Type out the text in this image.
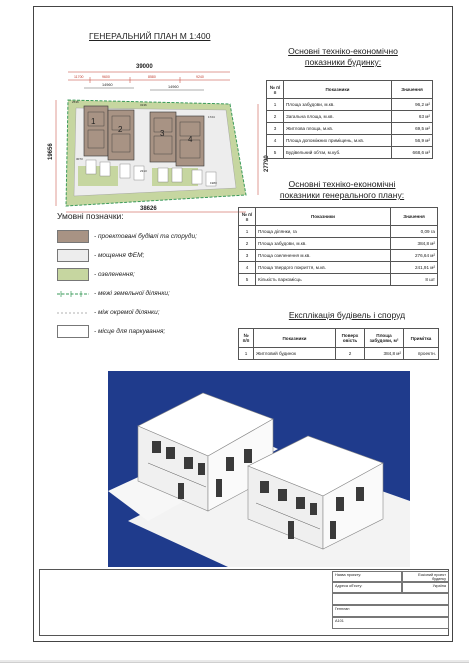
ГЕНЕРАЛЬНИЙ ПЛАН М 1:400
39000
11700	9600	8580	9240
14960	14960
19656
27790
38626
2536
3136
3073
1724
2313
1983
1
2	3
4
Основні техніко-економічно
показники будинку:
№ п/п	Показники	Значення
1	Площа забудови, м.кв.	96,2 м²
2	Загальна площа, м.кв.	63 м²
3	Житлова площа, м.кв.	69,5 м²
4	Площа допоміжних приміщень, м.кв.	56,9 м²
5	Будівельний об'єм, м.куб.	668,6 м³
Основні техніко-економічні
показники генерального плану:
№ п/п	Показники	Значення
1	Площа ділянки, га	0,09 га
2	Площа забудови, м.кв.	384,8 м²
3	Площа озеленення м.кв.	276,64 м²
4	Площа твердого покриття, м.кв.	241,91 м²
5	Кількість паркомісць	8 шт
Експлікація будівель і споруд
№ п/п	Показники	Поверх овість	Площа забудови, м²	Примітка
1	Житловий будинок	2	384,8 м²	проектн.
Умовні позначки:
- проектовані будівлі та споруди;
- мощення ФЕМ;
- озеленення;
- межі земельної ділянки;
- між окремої ділянки;
- місце для паркування;
Назва проєкту:	Ескізний проект будинку
Адреса об'єкту:	Україна
Генплан
А101
